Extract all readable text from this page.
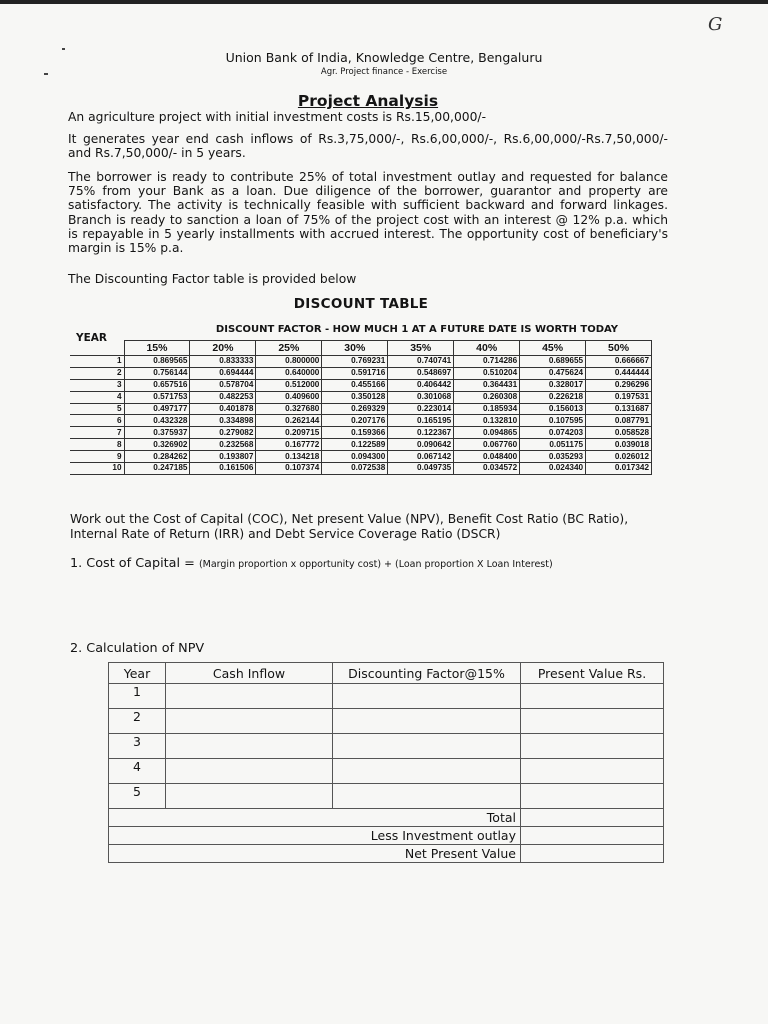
G
Union Bank of India, Knowledge Centre, Bengaluru
Agr. Project finance - Exercise
Project Analysis
An agriculture project with initial investment costs is Rs.15,00,000/-
It generates year end cash inflows of Rs.3,75,000/-, Rs.6,00,000/-, Rs.6,00,000/-Rs.7,50,000/- and Rs.7,50,000/- in 5 years.
The borrower is ready to contribute 25% of total investment outlay and requested for balance 75% from your Bank as a loan. Due diligence of the borrower, guarantor and property are satisfactory. The activity is technically feasible with sufficient backward and forward linkages. Branch is ready to sanction a loan of 75% of the project cost with an interest @ 12% p.a. which is repayable in 5 yearly installments with accrued interest. The opportunity cost of beneficiary's margin is 15% p.a.
The Discounting Factor table is provided below
DISCOUNT TABLE
DISCOUNT FACTOR - HOW MUCH 1 AT A FUTURE DATE IS WORTH TODAY
YEAR
	15%	20%	25%	30%	35%	40%	45%	50%
1	0.869565	0.833333	0.800000	0.769231	0.740741	0.714286	0.689655	0.666667
2	0.756144	0.694444	0.640000	0.591716	0.548697	0.510204	0.475624	0.444444
3	0.657516	0.578704	0.512000	0.455166	0.406442	0.364431	0.328017	0.296296
4	0.571753	0.482253	0.409600	0.350128	0.301068	0.260308	0.226218	0.197531
5	0.497177	0.401878	0.327680	0.269329	0.223014	0.185934	0.156013	0.131687
6	0.432328	0.334898	0.262144	0.207176	0.165195	0.132810	0.107595	0.087791
7	0.375937	0.279082	0.209715	0.159366	0.122367	0.094865	0.074203	0.058528
8	0.326902	0.232568	0.167772	0.122589	0.090642	0.067760	0.051175	0.039018
9	0.284262	0.193807	0.134218	0.094300	0.067142	0.048400	0.035293	0.026012
10	0.247185	0.161506	0.107374	0.072538	0.049735	0.034572	0.024340	0.017342
Work out the Cost of Capital (COC), Net present Value (NPV), Benefit Cost Ratio (BC Ratio), Internal Rate of Return (IRR) and Debt Service Coverage Ratio (DSCR)
1. Cost of Capital = (Margin proportion x opportunity cost) + (Loan proportion X Loan Interest)
2. Calculation of NPV
Year	Cash Inflow	Discounting Factor@15%	Present Value Rs.
1			
2			
3			
4			
5			
Total			
Less Investment outlay			
Net Present Value			
